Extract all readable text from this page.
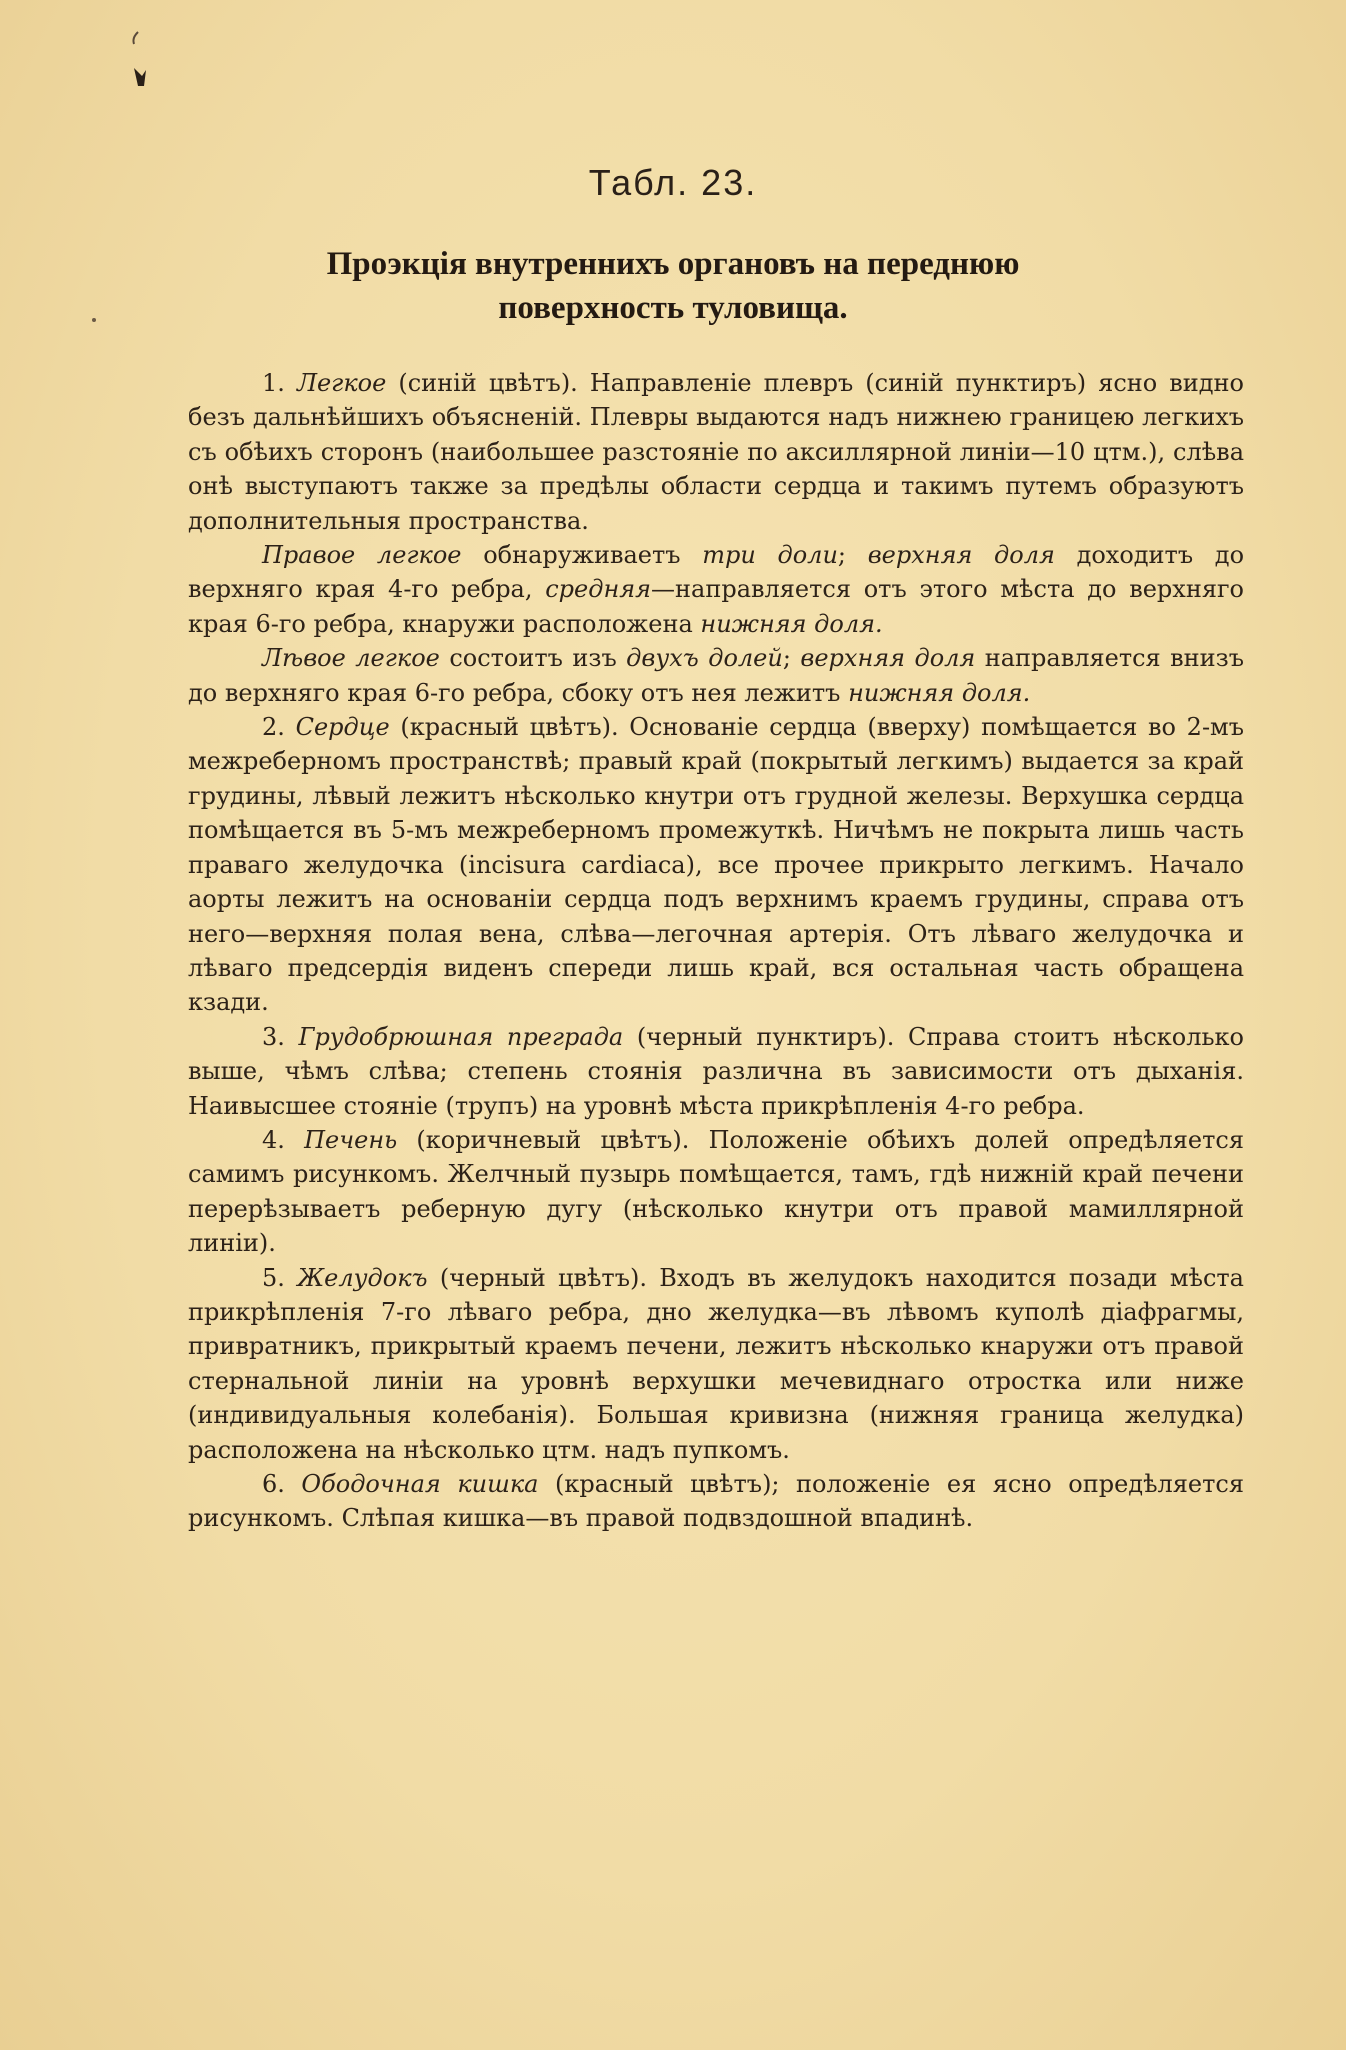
Табл. 23.
Проэкція внутреннихъ органовъ на переднюю
поверхность туловища.

1. Легкое (синій цвѣтъ). Направленіе плевръ (синій пунктиръ) ясно видно безъ дальнѣйшихъ объясненій. Плевры выдаются надъ нижнею границею легкихъ съ обѣихъ сторонъ (наибольшее разстояніе по аксиллярной линіи—10 цтм.), слѣва онѣ выступаютъ также за предѣлы области сердца и такимъ путемъ образуютъ дополнительныя пространства.

Правое легкое обнаруживаетъ три доли; верхняя доля доходитъ до верхняго края 4-го ребра, средняя—направляется отъ этого мѣста до верхняго края 6-го ребра, кнаружи расположена нижняя доля.

Лѣвое легкое состоитъ изъ двухъ долей; верхняя доля направляется внизъ до верхняго края 6-го ребра, сбоку отъ нея лежитъ нижняя доля.

2. Сердце (красный цвѣтъ). Основаніе сердца (вверху) помѣщается во 2-мъ межреберномъ пространствѣ; правый край (покрытый легкимъ) выдается за край грудины, лѣвый лежитъ нѣсколько кнутри отъ грудной железы. Верхушка сердца помѣщается въ 5-мъ межреберномъ промежуткѣ. Ничѣмъ не покрыта лишь часть праваго желудочка (incisura cardiaca), все прочее прикрыто легкимъ. Начало аорты лежитъ на основаніи сердца подъ верхнимъ краемъ грудины, справа отъ него—верхняя полая вена, слѣва—легочная артерія. Отъ лѣваго желудочка и лѣваго предсердія виденъ спереди лишь край, вся остальная часть обращена кзади.

3. Грудобрюшная преграда (черный пунктиръ). Справа стоитъ нѣсколько выше, чѣмъ слѣва; степень стоянія различна въ зависимости отъ дыханія. Наивысшее стояніе (трупъ) на уровнѣ мѣста прикрѣпленія 4-го ребра.

4. Печень (коричневый цвѣтъ). Положеніе обѣихъ долей опредѣляется самимъ рисункомъ. Желчный пузырь помѣщается, тамъ, гдѣ нижній край печени перерѣзываетъ реберную дугу (нѣсколько кнутри отъ правой мамиллярной линіи).

5. Желудокъ (черный цвѣтъ). Входъ въ желудокъ находится позади мѣста прикрѣпленія 7-го лѣваго ребра, дно желудка—въ лѣвомъ куполѣ діафрагмы, привратникъ, прикрытый краемъ печени, лежитъ нѣсколько кнаружи отъ правой стернальной линіи на уровнѣ верхушки мечевиднаго отростка или ниже (индивидуальныя колебанія). Большая кривизна (нижняя граница желудка) расположена на нѣсколько цтм. надъ пупкомъ.

6. Ободочная кишка (красный цвѣтъ); положеніе ея ясно опредѣляется рисункомъ. Слѣпая кишка—въ правой подвздошной впадинѣ.
